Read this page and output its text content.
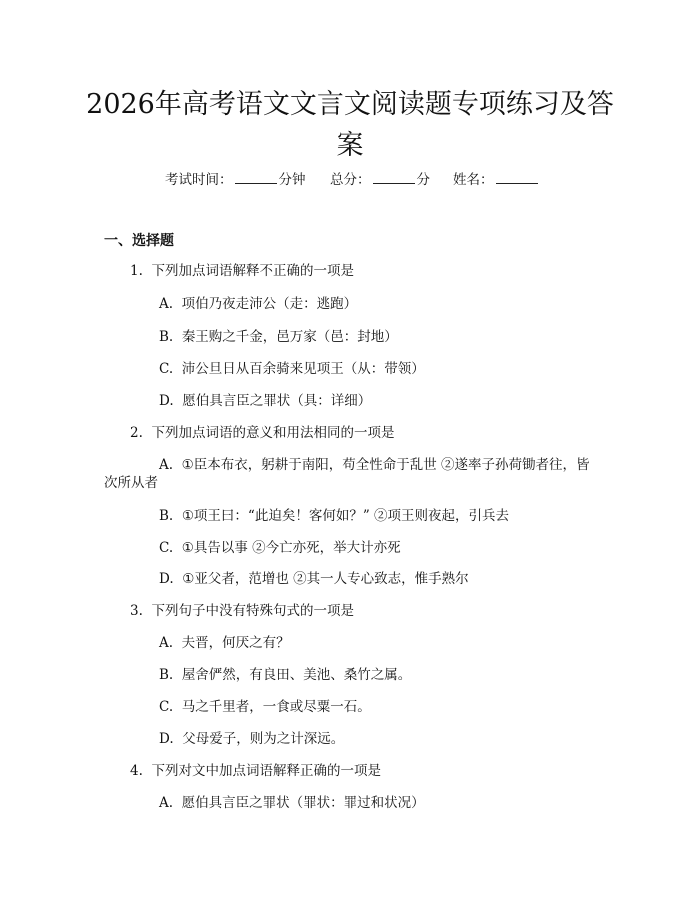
2026年高考语文文言文阅读题专项练习及答案
考试时间：	分钟 总分：	分 姓名：
一、选择题
1. 下列加点词语解释不正确的一项是
A. 项伯乃夜走沛公（走：逃跑）
B. 秦王购之千金，邑万家（邑：封地）
C. 沛公旦日从百余骑来见项王（从：带领）
D. 愿伯具言臣之罪状（具：详细）
2. 下列加点词语的意义和用法相同的一项是
A. ①臣本布衣，躬耕于南阳，苟全性命于乱世 ②遂率子孙荷锄者往，皆
次所从者
B. ①项王曰：“此迫矣！客何如？” ②项王则夜起，引兵去
C. ①具告以事 ②今亡亦死，举大计亦死
D. ①亚父者，范增也 ②其一人专心致志，惟手熟尔
3. 下列句子中没有特殊句式的一项是
A. 夫晋，何厌之有？
B. 屋舍俨然，有良田、美池、桑竹之属。
C. 马之千里者，一食或尽粟一石。
D. 父母爱子，则为之计深远。
4. 下列对文中加点词语解释正确的一项是
A. 愿伯具言臣之罪状（罪状：罪过和状况）
